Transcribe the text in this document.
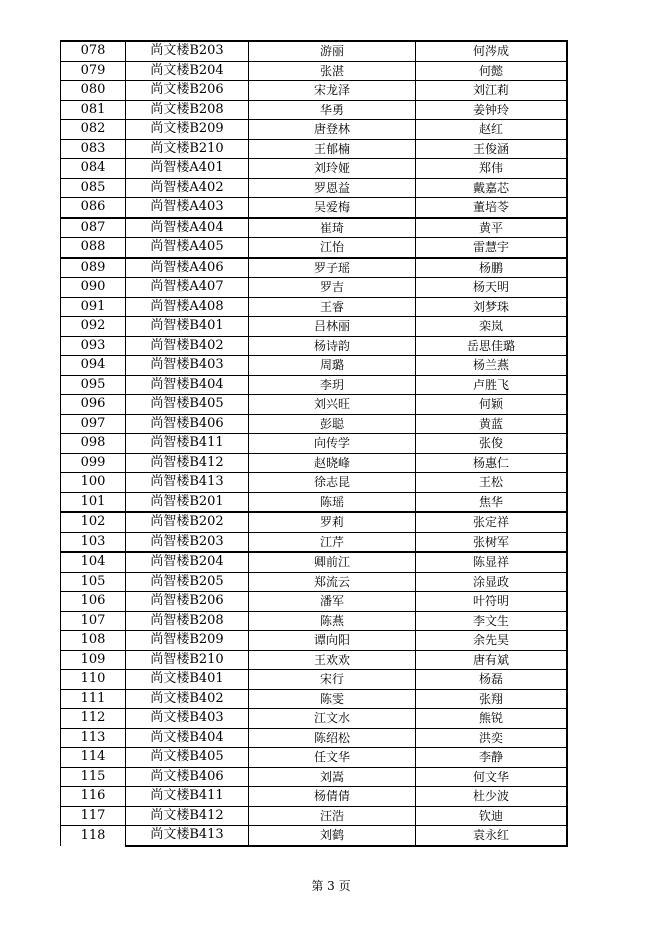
078	尚文楼B203	游丽	何涔成
079	尚文楼B204	张湛	何懿
080	尚文楼B206	宋龙泽	刘江莉
081	尚文楼B208	华勇	姜钟玲
082	尚文楼B209	唐登林	赵红
083	尚文楼B210	王郁楠	王俊涵
084	尚智楼A401	刘玲娅	郑伟
085	尚智楼A402	罗恩益	戴嘉芯
086	尚智楼A403	吴爱梅	董培苓
087	尚智楼A404	崔琦	黄平
088	尚智楼A405	江怡	雷慧宇
089	尚智楼A406	罗子瑶	杨鹏
090	尚智楼A407	罗吉	杨天明
091	尚智楼A408	王睿	刘梦珠
092	尚智楼B401	吕林丽	栾岚
093	尚智楼B402	杨诗韵	岳思佳璐
094	尚智楼B403	周璐	杨兰燕
095	尚智楼B404	李玥	卢胜飞
096	尚智楼B405	刘兴旺	何颖
097	尚智楼B406	彭聪	黄蓝
098	尚智楼B411	向传学	张俊
099	尚智楼B412	赵晓峰	杨惠仁
100	尚智楼B413	徐志昆	王松
101	尚智楼B201	陈瑶	焦华
102	尚智楼B202	罗莉	张定祥
103	尚智楼B203	江芹	张树军
104	尚智楼B204	卿前江	陈显祥
105	尚智楼B205	郑流云	涂显政
106	尚智楼B206	潘军	叶符明
107	尚智楼B208	陈燕	李文生
108	尚智楼B209	谭向阳	余先昊
109	尚智楼B210	王欢欢	唐有斌
110	尚文楼B401	宋行	杨磊
111	尚文楼B402	陈雯	张翔
112	尚文楼B403	江文水	熊锐
113	尚文楼B404	陈绍松	洪奕
114	尚文楼B405	任文华	李静
115	尚文楼B406	刘嵩	何文华
116	尚文楼B411	杨倩倩	杜少波
117	尚文楼B412	汪浩	钦迪
118	尚文楼B413	刘鹤	袁永红
第 3 页
